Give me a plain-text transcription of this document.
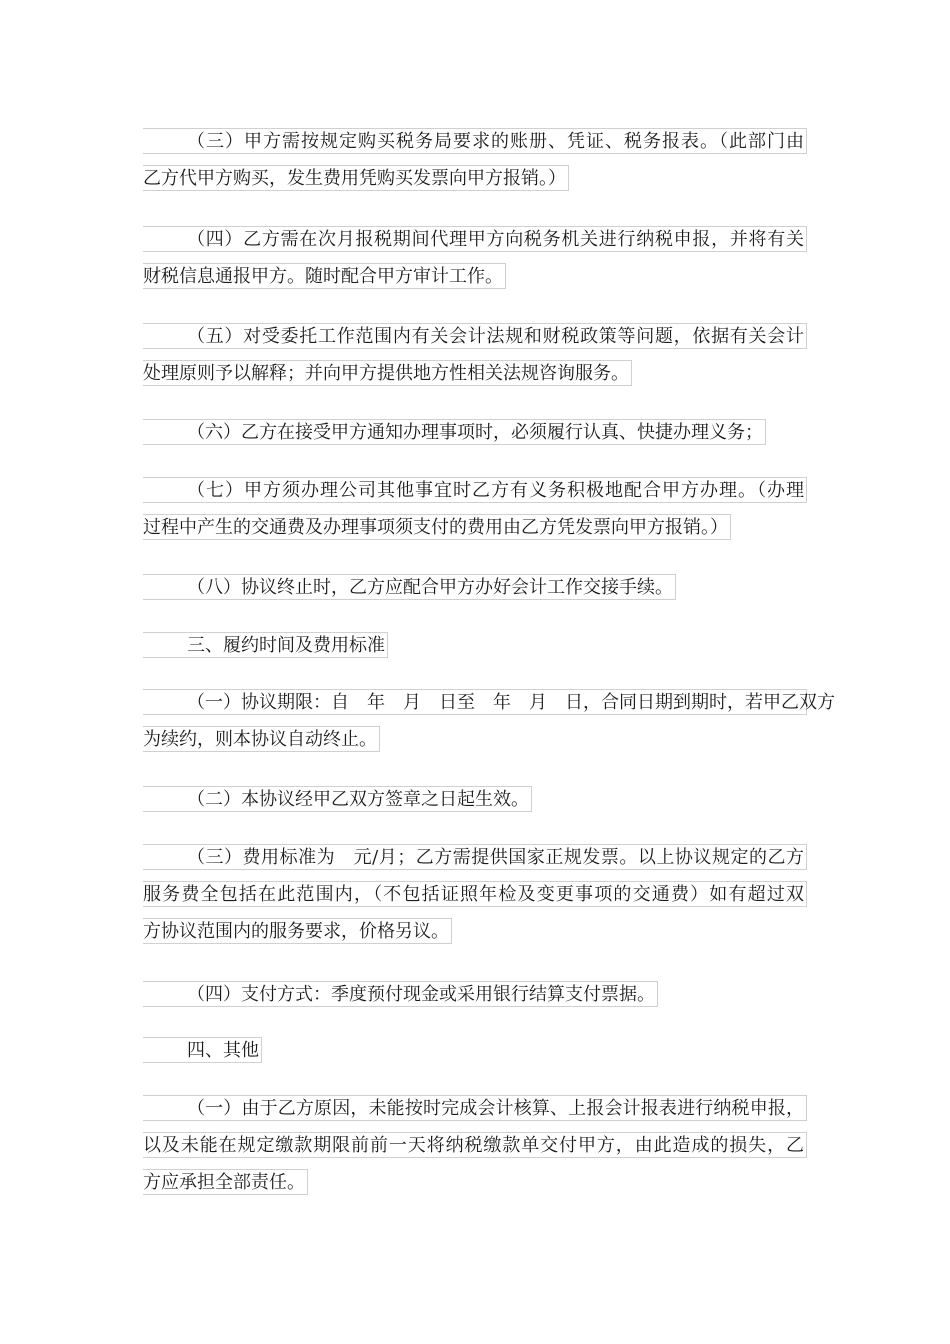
（三）甲方需按规定购买税务局要求的账册、凭证、税务报表。（此部门由
乙方代甲方购买，发生费用凭购买发票向甲方报销。）
（四）乙方需在次月报税期间代理甲方向税务机关进行纳税申报，并将有关
财税信息通报甲方。随时配合甲方审计工作。
（五）对受委托工作范围内有关会计法规和财税政策等问题，依据有关会计
处理原则予以解释；并向甲方提供地方性相关法规咨询服务。
（六）乙方在接受甲方通知办理事项时，必须履行认真、快捷办理义务；
（七）甲方须办理公司其他事宜时乙方有义务积极地配合甲方办理。（办理
过程中产生的交通费及办理事项须支付的费用由乙方凭发票向甲方报销。）
（八）协议终止时，乙方应配合甲方办好会计工作交接手续。
三、履约时间及费用标准
（一）协议期限：自　年　月　日至　年　月　日，合同日期到期时，若甲乙双方
为续约，则本协议自动终止。
（二）本协议经甲乙双方签章之日起生效。
（三）费用标准为　元/月；乙方需提供国家正规发票。以上协议规定的乙方
服务费全包括在此范围内，（不包括证照年检及变更事项的交通费）如有超过双
方协议范围内的服务要求，价格另议。
（四）支付方式：季度预付现金或采用银行结算支付票据。
四、其他
（一）由于乙方原因，未能按时完成会计核算、上报会计报表进行纳税申报，
以及未能在规定缴款期限前前一天将纳税缴款单交付甲方，由此造成的损失，乙
方应承担全部责任。
